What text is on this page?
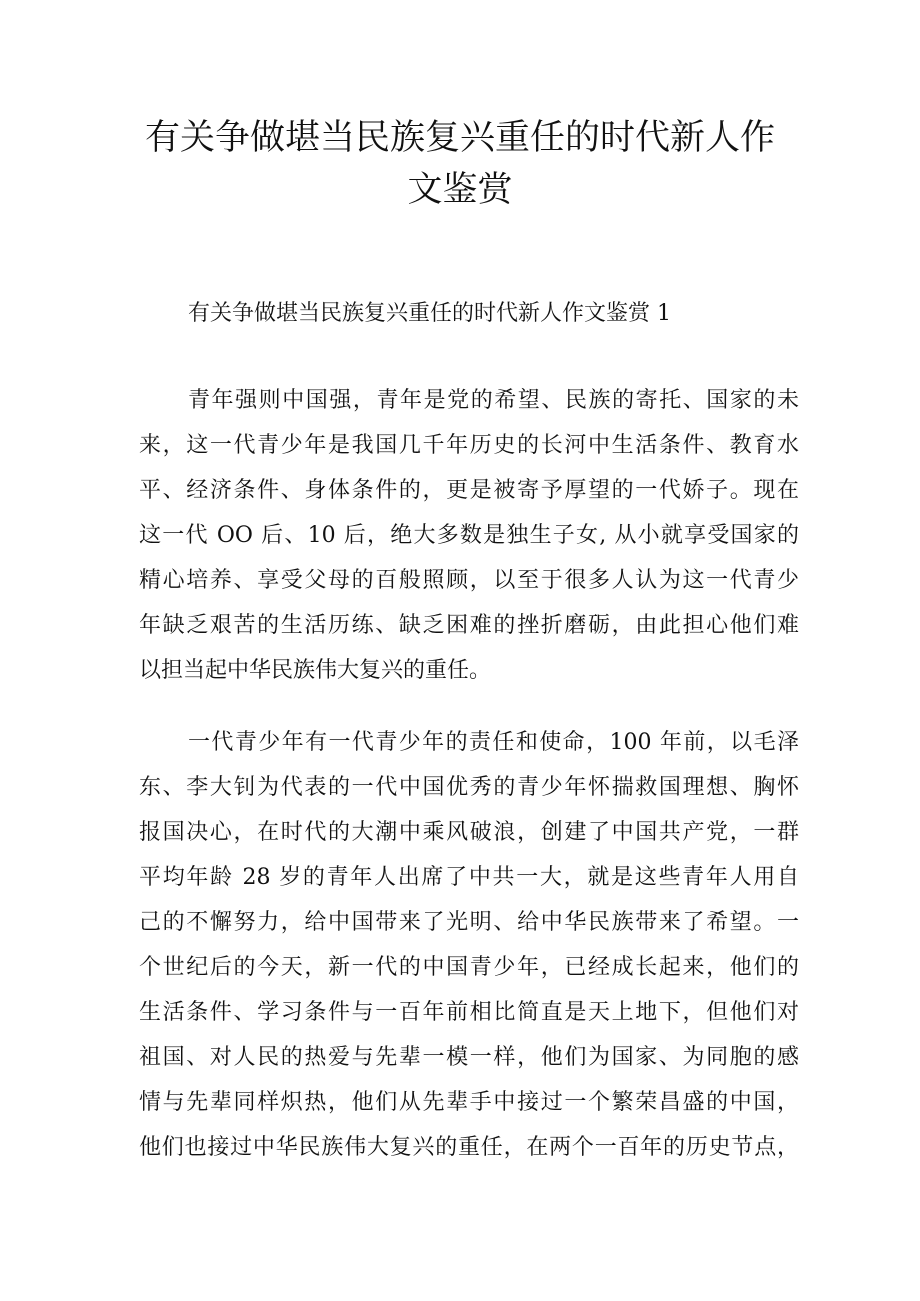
有关争做堪当民族复兴重任的时代新人作
文鉴赏

有关争做堪当民族复兴重任的时代新人作文鉴赏 1

青年强则中国强，青年是党的希望、民族的寄托、国家的未
来，这一代青少年是我国几千年历史的长河中生活条件、教育水
平、经济条件、身体条件的，更是被寄予厚望的一代娇子。现在
这一代 OO 后、10 后，绝大多数是独生子女, 从小就享受国家的
精心培养、享受父母的百般照顾，以至于很多人认为这一代青少
年缺乏艰苦的生活历练、缺乏困难的挫折磨砺，由此担心他们难
以担当起中华民族伟大复兴的重任。
一代青少年有一代青少年的责任和使命，100 年前，以毛泽
东、李大钊为代表的一代中国优秀的青少年怀揣救国理想、胸怀
报国决心，在时代的大潮中乘风破浪，创建了中国共产党，一群
平均年龄 28 岁的青年人出席了中共一大，就是这些青年人用自
己的不懈努力，给中国带来了光明、给中华民族带来了希望。一
个世纪后的今天，新一代的中国青少年，已经成长起来，他们的
生活条件、学习条件与一百年前相比简直是天上地下，但他们对
祖国、对人民的热爱与先辈一模一样，他们为国家、为同胞的感
情与先辈同样炽热，他们从先辈手中接过一个繁荣昌盛的中国，
他们也接过中华民族伟大复兴的重任，在两个一百年的历史节点，
